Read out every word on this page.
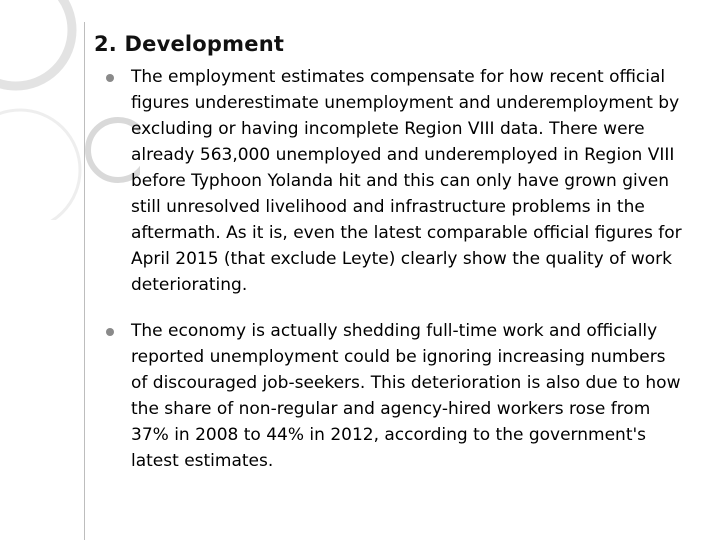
2. Development
The employment estimates compensate for how recent official figures underestimate unemployment and underemployment by excluding or having incomplete Region VIII data. There were already 563,000 unemployed and underemployed in Region VIII before Typhoon Yolanda hit and this can only have grown given still unresolved livelihood and infrastructure problems in the aftermath. As it is, even the latest comparable official figures for April 2015 (that exclude Leyte) clearly show the quality of work deteriorating.
The economy is actually shedding full-time work and officially reported unemployment could be ignoring increasing numbers of discouraged job-seekers. This deterioration is also due to how the share of non-regular and agency-hired workers rose from 37% in 2008 to 44% in 2012, according to the government's latest estimates.
